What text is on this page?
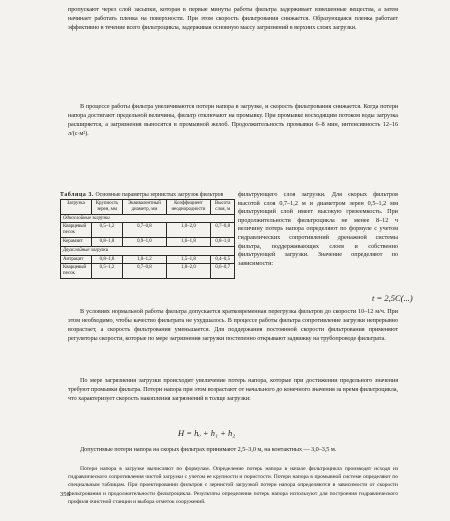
пропускают через слой засыпки, которая в первые минуты работы фильтра задерживает взвешенные вещества, а затем начинает работать пленка на поверхности. При этом скорость фильтрования снижается. Образующаяся пленка работает эффективно в течение всего фильтроцикла, задерживая основную массу загрязнений в верхних слоях загрузки.
В процессе работы фильтра увеличиваются потери напора в загрузке, и скорость фильтрования снижается. Когда потери напора достигают предельной величины, фильтр отключают на промывку. При промывке восходящим потоком воды загрузка расширяется, а загрязнения выносятся в промывной желоб. Продолжительность промывки 6–8 мин, интенсивность 12–16 л/(с·м²).
Таблица 3. Основные параметры зернистых загрузок фильтров
Загрузка	Крупность зерен, мм	Эквивалентный диаметр, мм	Коэффициент неоднородности	Высота слоя, м
Однослойные загрузки				
Кварцевый песок	0,5–1,2	0,7–0,8	1,8–2,0	0,7–0,8
Керамзит	0,8–1,8	0,9–1,0	1,6–1,8	0,8–1,0
Двухслойные загрузки				
Антрацит	0,8–1,8	1,0–1,2	1,5–1,8	0,4–0,5
Кварцевый песок	0,5–1,2	0,7–0,8	1,8–2,0	0,6–0,7
фильтрующего слоя загрузки. Для скорых фильтров высотой слоя 0,7–1,2 м и диаметром зерен 0,5–1,2 мм фильтрующий слой имеет высокую грязеемкость. При продолжительности фильтроцикла не менее 8–12 ч величину потерь напора определяют по формуле с учетом гидравлических сопротивлений дренажной системы фильтра, поддерживающих слоев и собственно фильтрующей загрузки. Значение определяют по зависимости:
t = 2,5C(...)
В условиях нормальной работы фильтра допускается кратковременная перегрузка фильтров до скорости 10–12 м/ч. При этом необходимо, чтобы качество фильтрата не ухудшалось. В процессе работы фильтра сопротивление загрузки непрерывно возрастает, а скорость фильтрования уменьшается. Для поддержания постоянной скорости фильтрования применяют регуляторы скорости, которые по мере загрязнения загрузки постепенно открывают задвижку на трубопроводе фильтрата.
По мере загрязнения загрузки происходит увеличение потерь напора, которые при достижении предельного значения требуют промывки фильтра. Потери напора при этом возрастают от начального до конечного значения за время фильтроцикла, что характеризует скорость накопления загрязнений в толще загрузки:
H = hₒ + h₁ + h₂
Допустимые потери напора на скорых фильтрах принимают 2,5–3,0 м, на контактных — 3,0–3,5 м.
Потери напора в загрузке вычисляют по формулам. Определение потерь напора в начале фильтроцикла производят исходя из гидравлического сопротивления чистой загрузки с учетом ее крупности и пористости. Потери напора в промывной системе определяют по специальным таблицам. При проектировании фильтров с зернистой загрузкой потери напора определяются в зависимости от скорости фильтрования и продолжительности фильтроцикла. Результаты определения потерь напора используют для построения гидравлического профиля очистной станции и выбора отметок сооружений.
356
